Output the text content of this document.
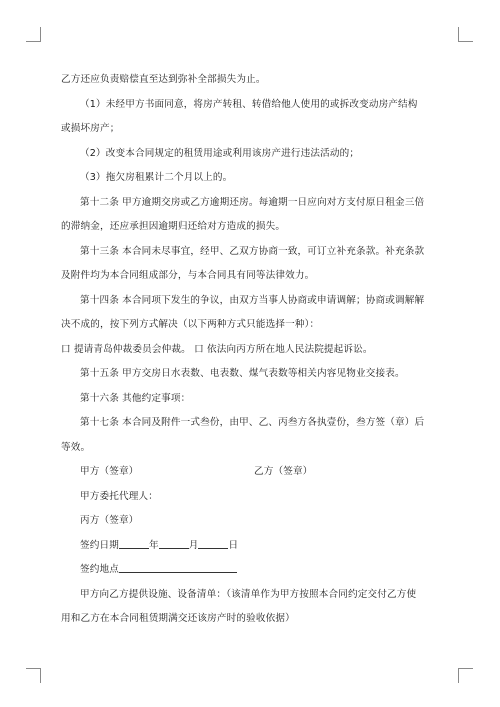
乙方还应负责赔偿直至达到弥补全部损失为止。

（1）未经甲方书面同意，将房产转租、转借给他人使用的或拆改变动房产结构

或损坏房产；

（2）改变本合同规定的租赁用途或利用该房产进行违法活动的；

（3）拖欠房租累计二个月以上的。

第十二条 甲方逾期交房或乙方逾期还房。每逾期一日应向对方支付原日租金三倍

的滞纳金，还应承担因逾期归还给对方造成的损失。

第十三条 本合同未尽事宜，经甲、乙双方协商一致，可订立补充条款。补充条款

及附件均为本合同组成部分，与本合同具有同等法律效力。

第十四条 本合同项下发生的争议，由双方当事人协商或申请调解；协商或调解解

决不成的，按下列方式解决（以下两种方式只能选择一种）：

口 提请青岛仲裁委员会仲裁。 口 依法向丙方所在地人民法院提起诉讼。

第十五条 甲方交房日水表数、电表数、煤气表数等相关内容见物业交接表。

第十六条 其他约定事项：

第十七条 本合同及附件一式叁份，由甲、乙、丙叁方各执壹份，叁方签（章）后

等效。

甲方（签章）	乙方（签章）

甲方委托代理人：

丙方（签章）

签约日期	年	月	日

签约地点

甲方向乙方提供设施、设备清单：（该清单作为甲方按照本合同约定交付乙方使

用和乙方在本合同租赁期满交还该房产时的验收依据）
